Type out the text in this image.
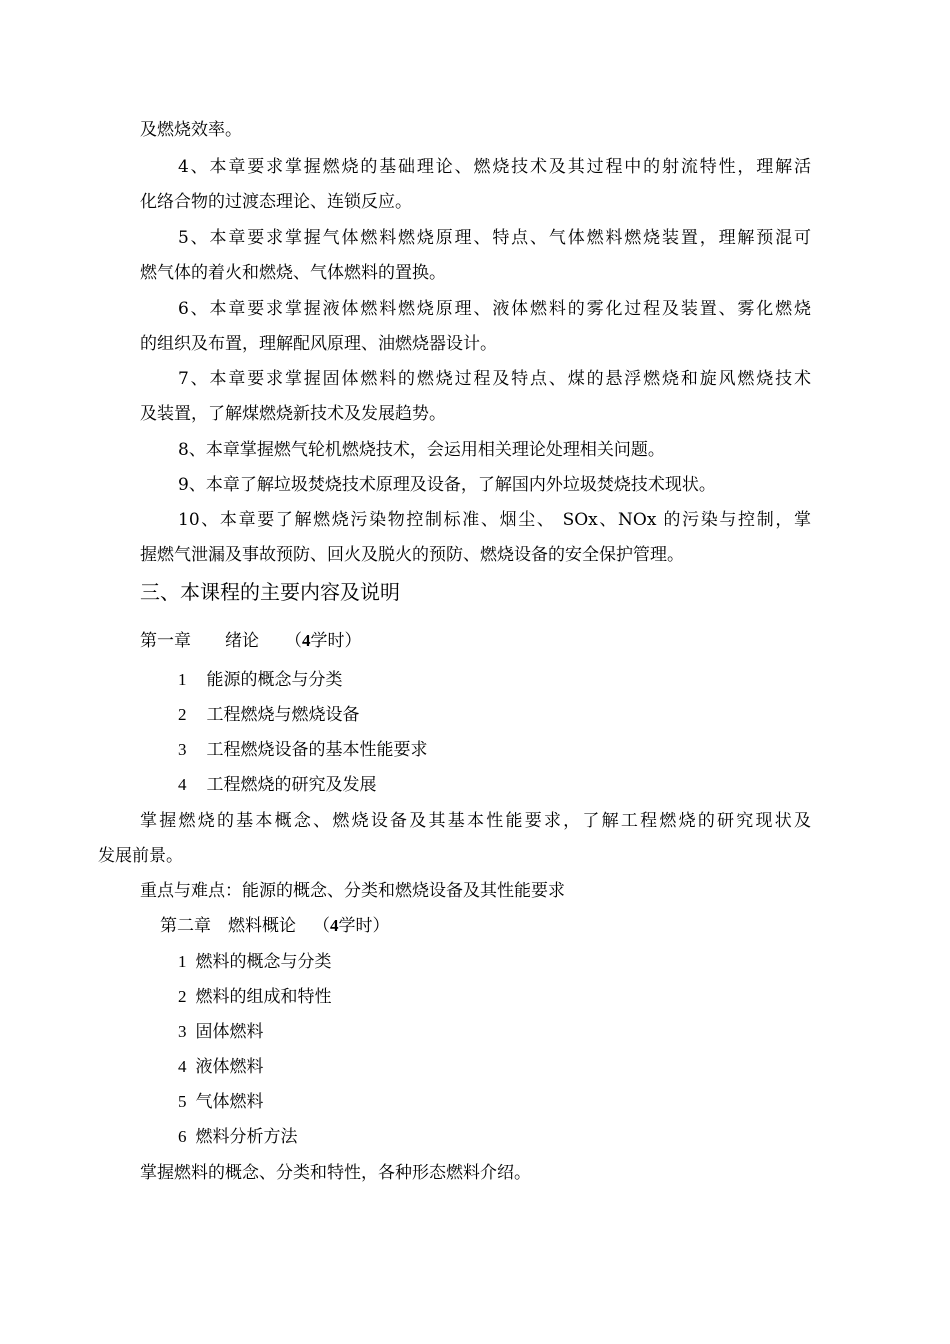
及燃烧效率。
4、本章要求掌握燃烧的基础理论、燃烧技术及其过程中的射流特性，理解活
化络合物的过渡态理论、连锁反应。
5、本章要求掌握气体燃料燃烧原理、特点、气体燃料燃烧装置，理解预混可
燃气体的着火和燃烧、气体燃料的置换。
6、本章要求掌握液体燃料燃烧原理、液体燃料的雾化过程及装置、雾化燃烧
的组织及布置，理解配风原理、油燃烧器设计。
7、本章要求掌握固体燃料的燃烧过程及特点、煤的悬浮燃烧和旋风燃烧技术
及装置，了解煤燃烧新技术及发展趋势。
8、本章掌握燃气轮机燃烧技术，会运用相关理论处理相关问题。
9、本章了解垃圾焚烧技术原理及设备，了解国内外垃圾焚烧技术现状。
10、本章要了解燃烧污染物控制标准、烟尘、 SOx、NOx 的污染与控制，掌
握燃气泄漏及事故预防、回火及脱火的预防、燃烧设备的安全保护管理。
三、本课程的主要内容及说明
第一章 绪论 （4学时）
1 能源的概念与分类
2 工程燃烧与燃烧设备
3 工程燃烧设备的基本性能要求
4 工程燃烧的研究及发展
掌握燃烧的基本概念、燃烧设备及其基本性能要求，了解工程燃烧的研究现状及
发展前景。
重点与难点：能源的概念、分类和燃烧设备及其性能要求
第二章 燃料概论 （4学时）
1 燃料的概念与分类
2 燃料的组成和特性
3 固体燃料
4 液体燃料
5 气体燃料
6 燃料分析方法
掌握燃料的概念、分类和特性，各种形态燃料介绍。
